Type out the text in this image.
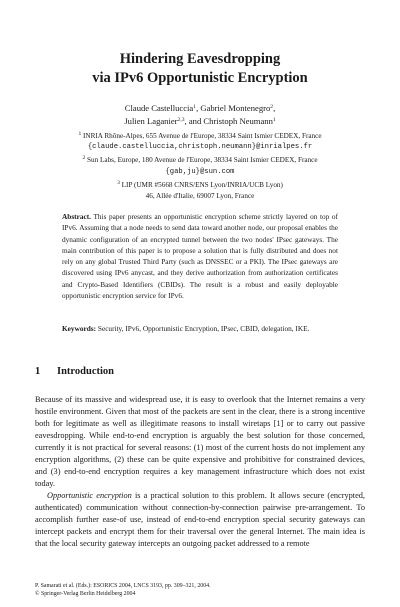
Hindering Eavesdropping
via IPv6 Opportunistic Encryption
Claude Castelluccia$^1$, Gabriel Montenegro$^2$,
Julien Laganier$^{2,3}$, and Christoph Neumann$^1$
$^1$ INRIA Rhône-Alpes, 655 Avenue de l'Europe, 38334 Saint Ismier CEDEX, France
{claude.castelluccia,christoph.neumann}@inrialpes.fr
$^2$ Sun Labs, Europe, 180 Avenue de l'Europe, 38334 Saint Ismier CEDEX, France
{gab,ju}@sun.com
$^3$ LIP (UMR #5668 CNRS/ENS Lyon/INRIA/UCB Lyon)
46, Allée d'Italie, 69007 Lyon, France
Abstract. This paper presents an opportunistic encryption scheme strictly layered on top of IPv6. Assuming that a node needs to send data toward another node, our proposal enables the dynamic configuration of an encrypted tunnel between the two nodes' IPsec gateways. The main contribution of this paper is to propose a solution that is fully distributed and does not rely on any global Trusted Third Party (such as DNSSEC or a PKI). The IPsec gateways are discovered using IPv6 anycast, and they derive authorization from authorization certificates and Crypto-Based Identifiers (CBIDs). The result is a robust and easily deployable opportunistic encryption service for IPv6.
Keywords: Security, IPv6, Opportunistic Encryption, IPsec, CBID, delegation, IKE.
1 Introduction

Because of its massive and widespread use, it is easy to overlook that the Internet remains a very hostile environment. Given that most of the packets are sent in the clear, there is a strong incentive both for legitimate as well as illegitimate reasons to install wiretaps [1] or to carry out passive eavesdropping. While end-to-end encryption is arguably the best solution for those concerned, currently it is not practical for several reasons: (1) most of the current hosts do not implement any encryption algorithms, (2) these can be quite expensive and prohibitive for constrained devices, and (3) end-to-end encryption requires a key management infrastructure which does not exist today.

Opportunistic encryption is a practical solution to this problem. It allows secure (encrypted, authenticated) communication without connection-by-connection pairwise pre-arrangement. To accomplish further ease-of use, instead of end-to-end encryption special security gateways can intercept packets and encrypt them for their traversal over the general Internet. The main idea is that the local security gateway intercepts an outgoing packet addressed to a remote

P. Samarati et al. (Eds.): ESORICS 2004, LNCS 3193, pp. 309–321, 2004.
© Springer-Verlag Berlin Heidelberg 2004
